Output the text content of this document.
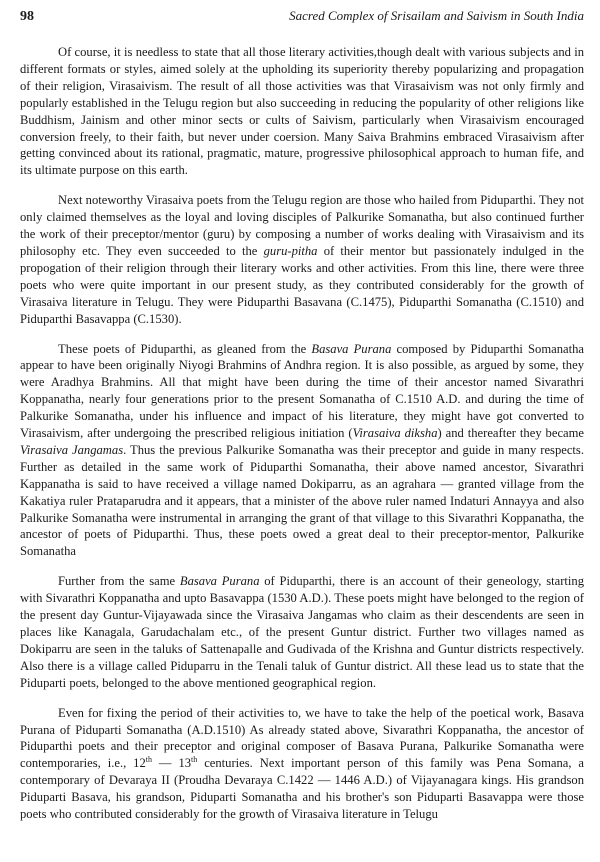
98	Sacred Complex of Srisailam and Saivism in South India

Of course, it is needless to state that all those literary activities,though dealt with various subjects and in different formats or styles, aimed solely at the upholding its superiority thereby popularizing and propagation of their religion, Virasaivism. The result of all those activities was that Virasaivism was not only firmly and popularly established in the Telugu region but also succeeding in reducing the popularity of other religions like Buddhism, Jainism and other minor sects or cults of Saivism, particularly when Virasaivism encouraged conversion freely, to their faith, but never under coersion. Many Saiva Brahmins embraced Virasaivism after getting convinced about its rational, pragmatic, mature, progressive philosophical approach to human fife, and its ultimate purpose on this earth.

Next noteworthy Virasaiva poets from the Telugu region are those who hailed from Piduparthi. They not only claimed themselves as the loyal and loving disciples of Palkurike Somanatha, but also continued further the work of their preceptor/mentor (guru) by composing a number of works dealing with Virasaivism and its philosophy etc. They even succeeded to the guru-pitha of their mentor but passionately indulged in the propogation of their religion through their literary works and other activities. From this line, there were three poets who were quite important in our present study, as they contributed considerably for the growth of Virasaiva literature in Telugu. They were Piduparthi Basavana (C.1475), Piduparthi Somanatha (C.1510) and Piduparthi Basavappa (C.1530).

These poets of Piduparthi, as gleaned from the Basava Purana composed by Piduparthi Somanatha appear to have been originally Niyogi Brahmins of Andhra region. It is also possible, as argued by some, they were Aradhya Brahmins. All that might have been during the time of their ancestor named Sivarathri Koppanatha, nearly four generations prior to the present Somanatha of C.1510 A.D. and during the time of Palkurike Somanatha, under his influence and impact of his literature, they might have got converted to Virasaivism, after undergoing the prescribed religious initiation (Virasaiva diksha) and thereafter they became Virasaiva Jangamas. Thus the previous Palkurike Somanatha was their preceptor and guide in many respects. Further as detailed in the same work of Piduparthi Somanatha, their above named ancestor, Sivarathri Kappanatha is said to have received a village named Dokiparru, as an agrahara — granted village from the Kakatiya ruler Prataparudra and it appears, that a minister of the above ruler named Indaturi Annayya and also Palkurike Somanatha were instrumental in arranging the grant of that village to this Sivarathri Koppanatha, the ancestor of poets of Piduparthi. Thus, these poets owed a great deal to their preceptor-mentor, Palkurike Somanatha

Further from the same Basava Purana of Piduparthi, there is an account of their geneology, starting with Sivarathri Koppanatha and upto Basavappa (1530 A.D.). These poets might have belonged to the region of the present day Guntur-Vijayawada since the Virasaiva Jangamas who claim as their descendents are seen in places like Kanagala, Garudachalam etc., of the present Guntur district. Further two villages named as Dokiparru are seen in the taluks of Sattenapalle and Gudivada of the Krishna and Guntur districts respectively. Also there is a village called Piduparru in the Tenali taluk of Guntur district. All these lead us to state that the Piduparti poets, belonged to the above mentioned geographical region.

Even for fixing the period of their activities to, we have to take the help of the poetical work, Basava Purana of Piduparti Somanatha (A.D.1510) As already stated above, Sivarathri Koppanatha, the ancestor of Piduparthi poets and their preceptor and original composer of Basava Purana, Palkurike Somanatha were contemporaries, i.e., 12th — 13th centuries. Next important person of this family was Pena Somana, a contemporary of Devaraya II (Proudha Devaraya C.1422 — 1446 A.D.) of Vijayanagara kings. His grandson Piduparti Basava, his grandson, Piduparti Somanatha and his brother's son Piduparti Basavappa were those poets who contributed considerably for the growth of Virasaiva literature in Telugu
